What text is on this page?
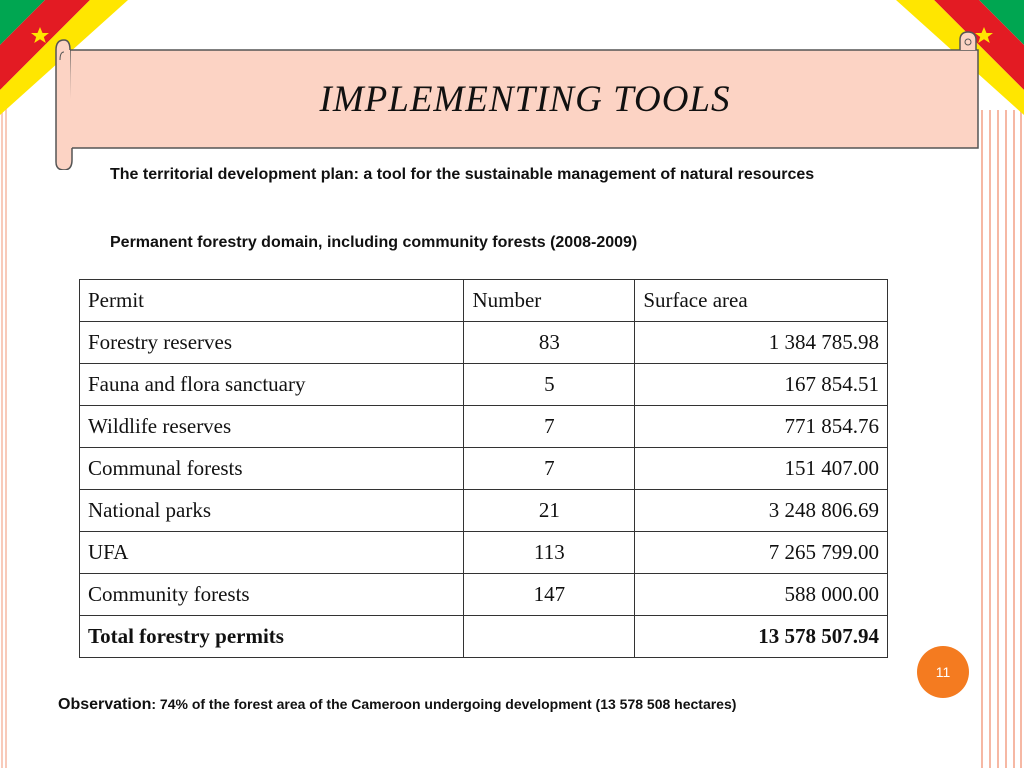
IMPLEMENTING TOOLS

The territorial development plan: a tool for the sustainable management of natural resources

Permanent forestry domain, including community forests (2008-2009)

Permit	Number	Surface area
Forestry reserves	83	1 384 785.98
Fauna and flora sanctuary	5	167 854.51
Wildlife reserves	7	771 854.76
Communal forests	7	151 407.00
National parks	21	3 248 806.69
UFA	113	7 265 799.00
Community forests	147	588 000.00
Total forestry permits		13 578 507.94
11

Observation: 74% of the forest area of the Cameroon undergoing development (13 578 508 hectares)
